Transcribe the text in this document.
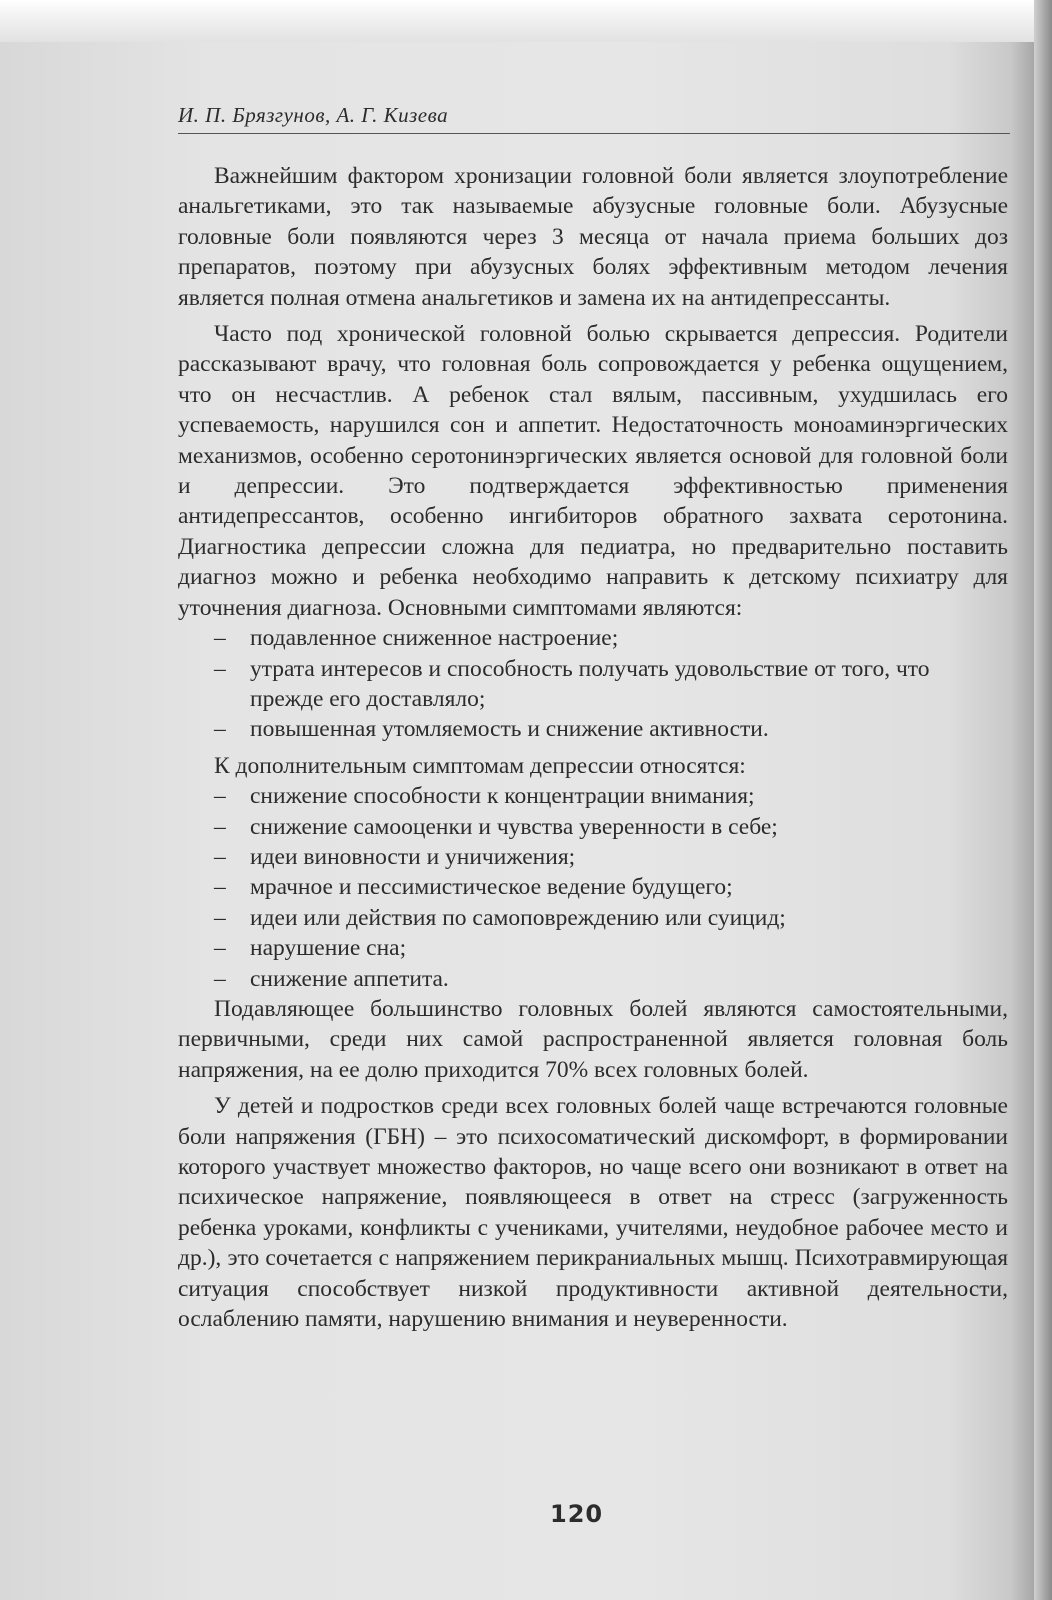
И. П. Брязгунов, А. Г. Кизева

Важнейшим фактором хронизации головной боли является злоупотребление анальгетиками, это так называемые абузусные головные боли. Абузусные головные боли появляются через 3 месяца от начала приема больших доз препаратов, поэтому при абузусных болях эффективным методом лечения является полная отмена анальгетиков и замена их на антидепрессанты.

Часто под хронической головной болью скрывается депрессия. Родители рассказывают врачу, что головная боль сопровождается у ребенка ощущением, что он несчастлив. А ребенок стал вялым, пассивным, ухудшилась его успеваемость, нарушился сон и аппетит. Недостаточность моноаминэргических механизмов, особенно серотонинэргических является основой для головной боли и депрессии. Это подтверждается эффективностью применения антидепрессантов, особенно ингибиторов обратного захвата серотонина. Диагностика депрессии сложна для педиатра, но предварительно поставить диагноз можно и ребенка необходимо направить к детскому психиатру для уточнения диагноза. Основными симптомами являются:

– подавленное сниженное настроение;
– утрата интересов и способность получать удовольствие от того, что прежде его доставляло;
– повышенная утомляемость и снижение активности.

К дополнительным симптомам депрессии относятся:

– снижение способности к концентрации внимания;
– снижение самооценки и чувства уверенности в себе;
– идеи виновности и уничижения;
– мрачное и пессимистическое ведение будущего;
– идеи или действия по самоповреждению или суицид;
– нарушение сна;
– снижение аппетита.

Подавляющее большинство головных болей являются самостоятельными, первичными, среди них самой распространенной является головная боль напряжения, на ее долю приходится 70% всех головных болей.

У детей и подростков среди всех головных болей чаще встречаются головные боли напряжения (ГБН) – это психосоматический дискомфорт, в формировании которого участвует множество факторов, но чаще всего они возникают в ответ на психическое напряжение, появляющееся в ответ на стресс (загруженность ребенка уроками, конфликты с учениками, учителями, неудобное рабочее место и др.), это сочетается с напряжением перикраниальных мышц. Психотравмирующая ситуация способствует низкой продуктивности активной деятельности, ослаблению памяти, нарушению внимания и неуверенности.

120
